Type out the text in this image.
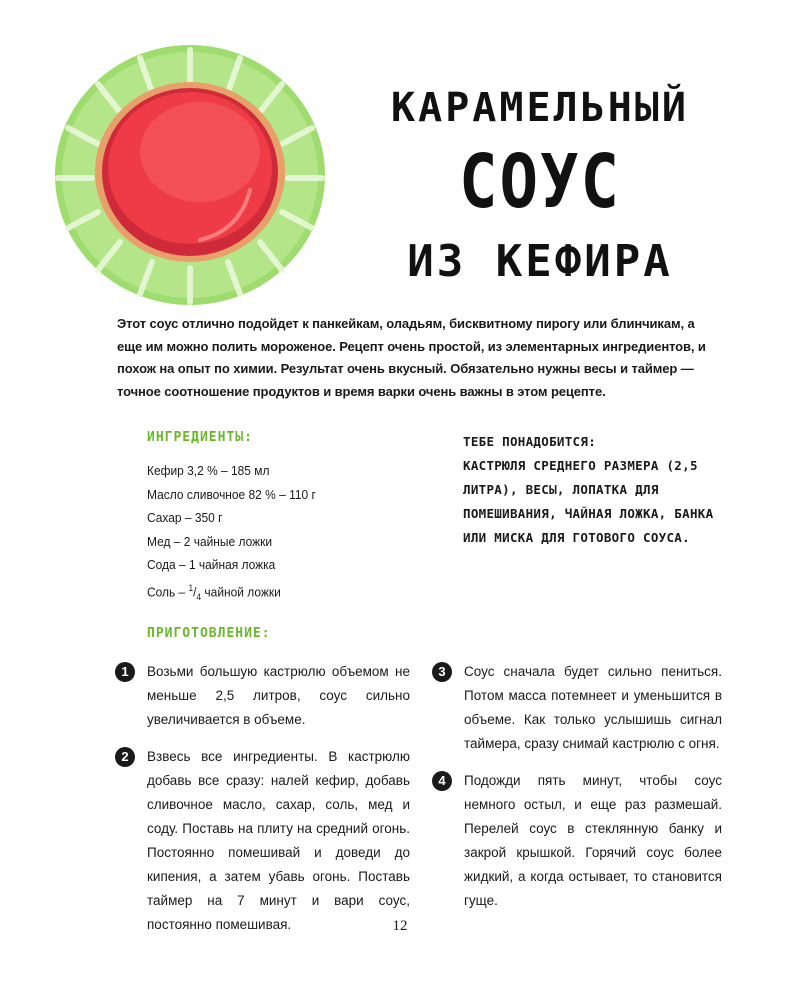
КАРАМЕЛЬНЫЙ
СОУС
ИЗ КЕФИРА

Этот соус отлично подойдет к панкейкам, оладьям, бисквитному пирогу или блинчикам, а еще им можно полить мороженое. Рецепт очень простой, из элементарных ингредиентов, и похож на опыт по химии. Результат очень вкусный. Обязательно нужны весы и таймер — точное соотношение продуктов и время варки очень важны в этом рецепте.

ИНГРЕДИЕНТЫ:
Кефир 3,2 % – 185 мл
Масло сливочное 82 % – 110 г
Сахар – 350 г
Мед – 2 чайные ложки
Сода – 1 чайная ложка
Соль – $^1/_4$ чайной ложки
ТЕБЕ ПОНАДОБИТСЯ:
КАСТРЮЛЯ СРЕДНЕГО РАЗМЕРА (2,5 ЛИТРА), ВЕСЫ, ЛОПАТКА ДЛЯ ПОМЕШИВАНИЯ, ЧАЙНАЯ ЛОЖКА, БАНКА ИЛИ МИСКА ДЛЯ ГОТОВОГО СОУСА.
ПРИГОТОВЛЕНИЕ:
1	Возьми большую кастрюлю объемом не меньше 2,5 литров, соус сильно увеличивается в объеме.
2	Взвесь все ингредиенты. В кастрюлю добавь все сразу: налей кефир, добавь сливочное масло, сахар, соль, мед и соду. Поставь на плиту на средний огонь. Постоянно помешивай и доведи до кипения, а затем убавь огонь. Поставь таймер на 7 минут и вари соус, постоянно помешивая.
3	Соус сначала будет сильно пениться. Потом масса потемнеет и уменьшится в объеме. Как только услышишь сигнал таймера, сразу снимай кастрюлю с огня.
4	Подожди пять минут, чтобы соус немного остыл, и еще раз размешай. Перелей соус в стеклянную банку и закрой крышкой. Горячий соус более жидкий, а когда остывает, то становится гуще.
12
